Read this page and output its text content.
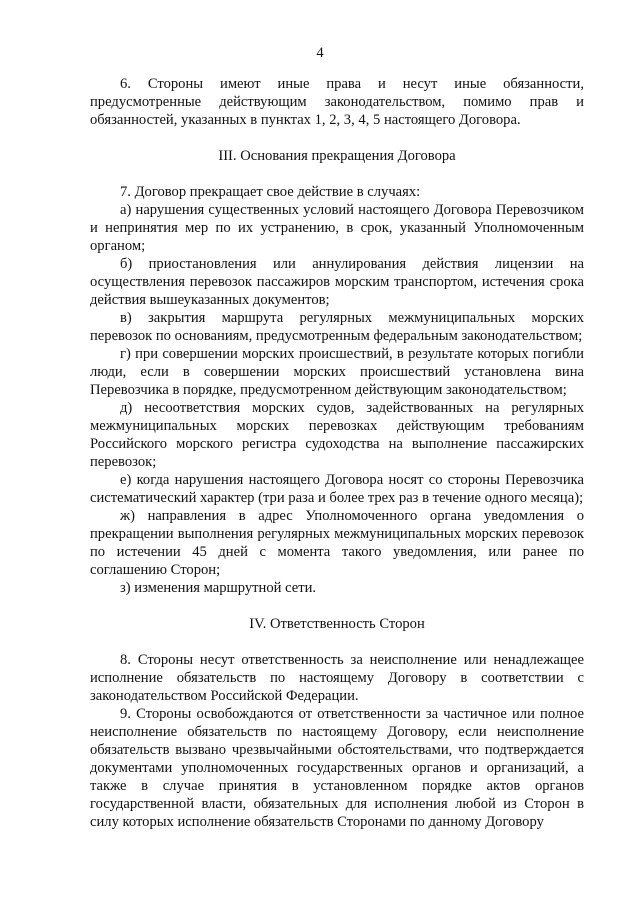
4

6. Стороны имеют иные права и несут иные обязанности, предусмотренные действующим законодательством, помимо прав и обязанностей, указанных в пунктах 1, 2, 3, 4, 5 настоящего Договора.

III. Основания прекращения Договора

7. Договор прекращает свое действие в случаях:

а) нарушения существенных условий настоящего Договора Перевозчиком и непринятия мер по их устранению, в срок, указанный Уполномоченным органом;

б) приостановления или аннулирования действия лицензии на осуществления перевозок пассажиров морским транспортом, истечения срока действия вышеуказанных документов;

в) закрытия маршрута регулярных межмуниципальных морских перевозок по основаниям, предусмотренным федеральным законодательством;

г) при совершении морских происшествий, в результате которых погибли люди, если в совершении морских происшествий установлена вина Перевозчика в порядке, предусмотренном действующим законодательством;

д) несоответствия морских судов, задействованных на регулярных межмуниципальных морских перевозках действующим требованиям Российского морского регистра судоходства на выполнение пассажирских перевозок;

е) когда нарушения настоящего Договора носят со стороны Перевозчика систематический характер (три раза и более трех раз в течение одного месяца);

ж) направления в адрес Уполномоченного органа уведомления о прекращении выполнения регулярных межмуниципальных морских перевозок по истечении 45 дней с момента такого уведомления, или ранее по соглашению Сторон;

з) изменения маршрутной сети.

IV. Ответственность Сторон

8. Стороны несут ответственность за неисполнение или ненадлежащее исполнение обязательств по настоящему Договору в соответствии с законодательством Российской Федерации.

9. Стороны освобождаются от ответственности за частичное или полное неисполнение обязательств по настоящему Договору, если неисполнение обязательств вызвано чрезвычайными обстоятельствами, что подтверждается документами уполномоченных государственных органов и организаций, а также в случае принятия в установленном порядке актов органов государственной власти, обязательных для исполнения любой из Сторон в силу которых исполнение обязательств Сторонами по данному Договору
